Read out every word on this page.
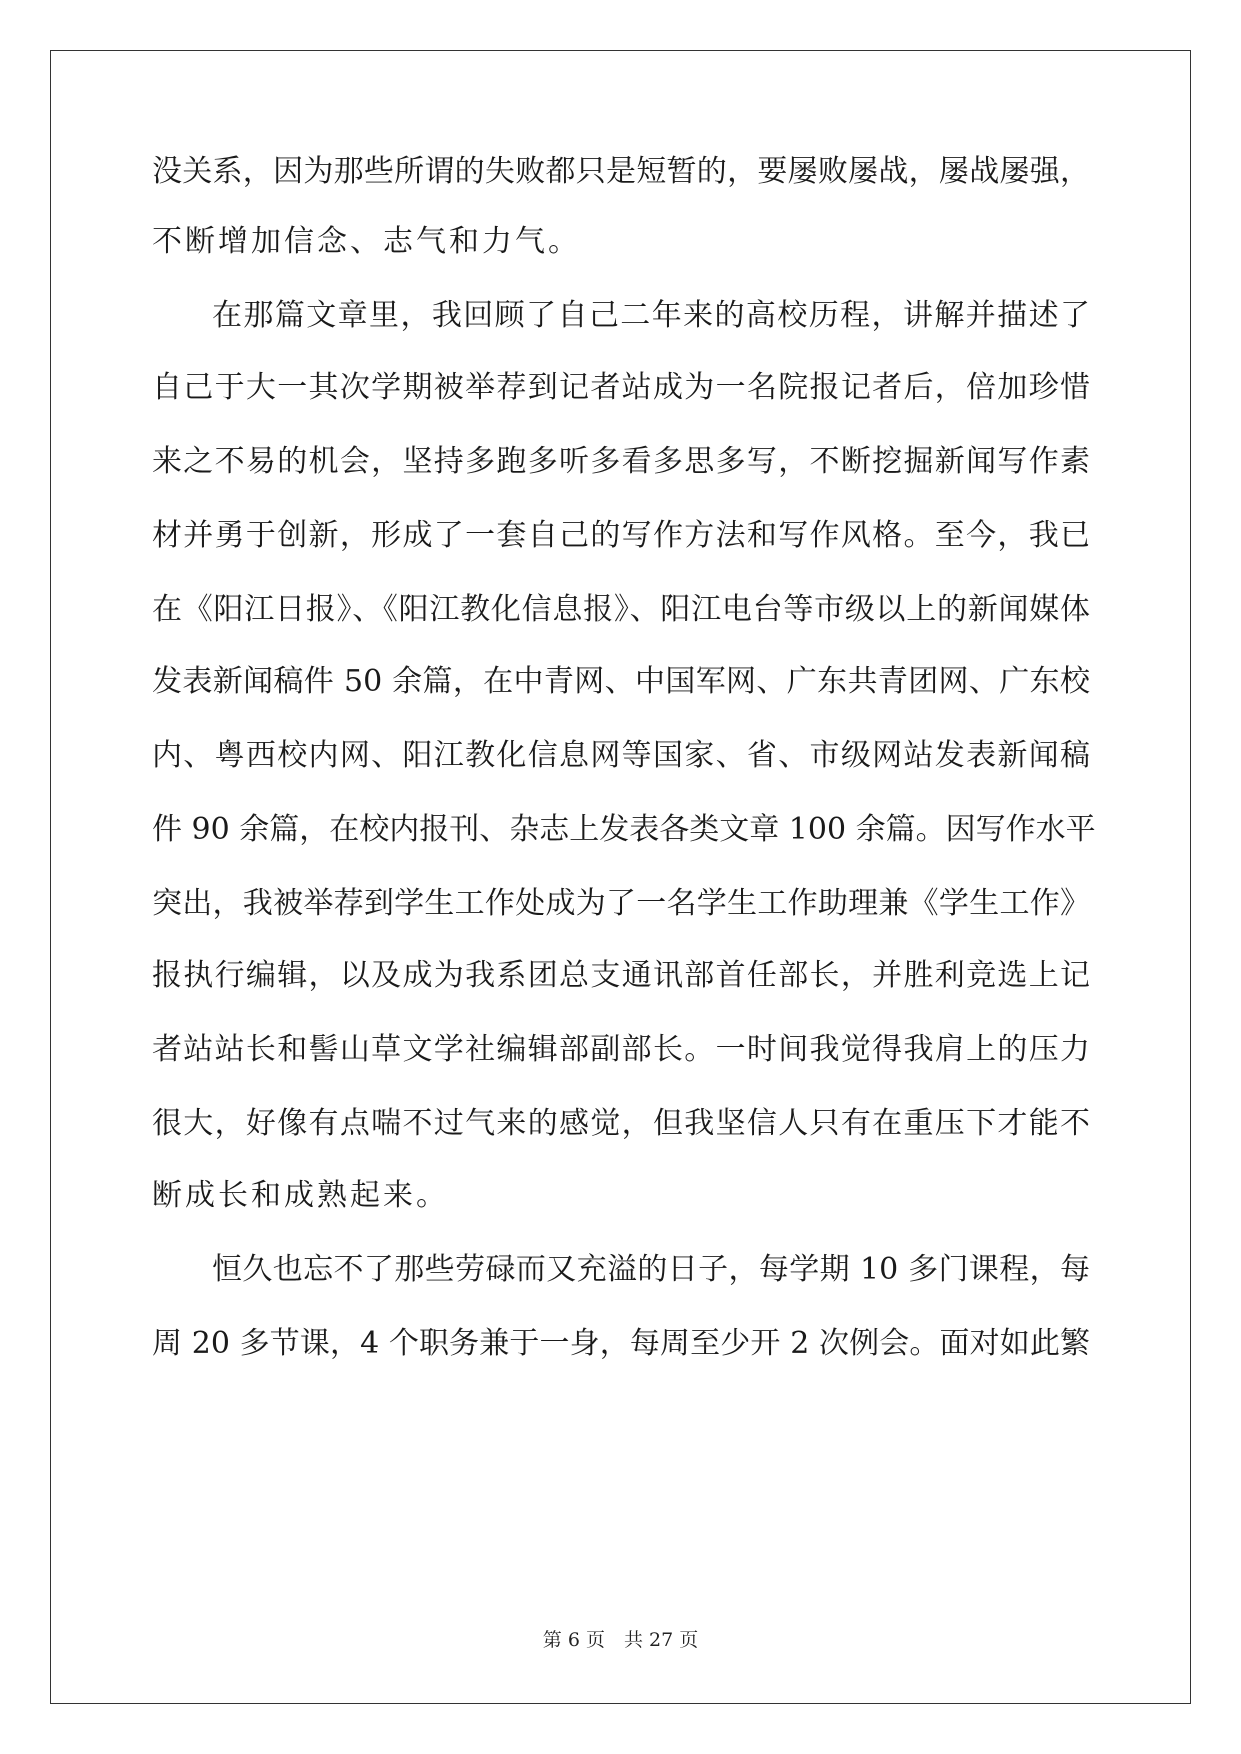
没关系，因为那些所谓的失败都只是短暂的，要屡败屡战，屡战屡强，

不断增加信念、志气和力气。

在那篇文章里，我回顾了自己二年来的高校历程，讲解并描述了

自己于大一其次学期被举荐到记者站成为一名院报记者后，倍加珍惜

来之不易的机会，坚持多跑多听多看多思多写，不断挖掘新闻写作素

材并勇于创新，形成了一套自己的写作方法和写作风格。至今，我已

在《阳江日报》、《阳江教化信息报》、阳江电台等市级以上的新闻媒体

发表新闻稿件 50 余篇，在中青网、中国军网、广东共青团网、广东校

内、粤西校内网、阳江教化信息网等国家、省、市级网站发表新闻稿

件 90 余篇，在校内报刊、杂志上发表各类文章 100 余篇。因写作水平

突出，我被举荐到学生工作处成为了一名学生工作助理兼《学生工作》

报执行编辑，以及成为我系团总支通讯部首任部长，并胜利竞选上记

者站站长和髻山草文学社编辑部副部长。一时间我觉得我肩上的压力

很大，好像有点喘不过气来的感觉，但我坚信人只有在重压下才能不

断成长和成熟起来。

恒久也忘不了那些劳碌而又充溢的日子，每学期 10 多门课程，每

周 20 多节课，4 个职务兼于一身，每周至少开 2 次例会。面对如此繁

第 6 页　共 27 页
